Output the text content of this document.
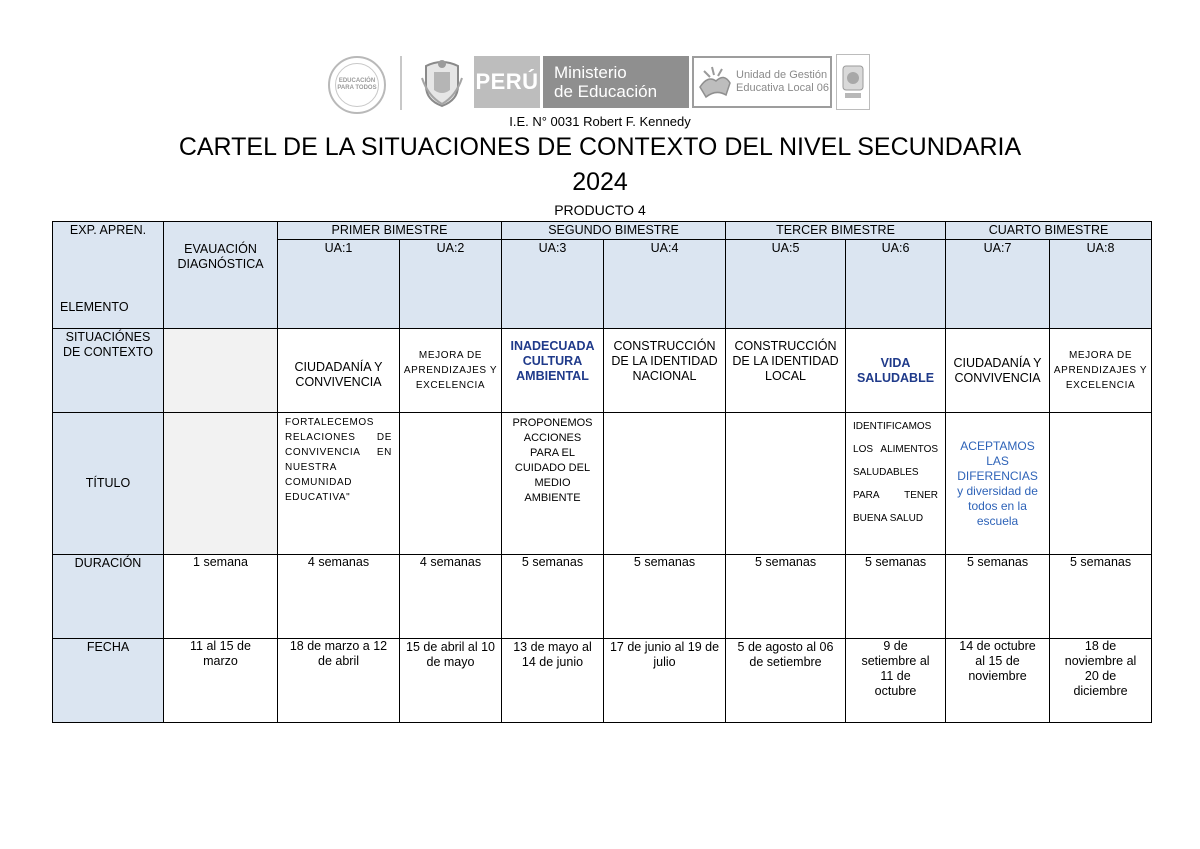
EDUCACIÓN PARA TODOS	PERÚ Ministerio
de Educación
Unidad de Gestión
Educativa Local 06
I.E. N° 0031 Robert F. Kennedy
CARTEL DE LA SITUACIONES DE CONTEXTO DEL NIVEL SECUNDARIA
2024
PRODUCTO 4
EXP. APREN.
ELEMENTO	EVAUACIÓN DIAGNÓSTICA	PRIMER BIMESTRE		SEGUNDO BIMESTRE		TERCER BIMESTRE		CUARTO BIMESTRE	
		UA:1	UA:2	UA:3	UA:4	UA:5	UA:6	UA:7	UA:8
SITUACIÓNES DE CONTEXTO		CIUDADANÍA Y CONVIVENCIA	MEJORA DE APRENDIZAJES Y EXCELENCIA	INADECUADA CULTURA AMBIENTAL	CONSTRUCCIÓN DE LA IDENTIDAD NACIONAL	CONSTRUCCIÓN DE LA IDENTIDAD LOCAL	VIDA SALUDABLE	CIUDADANÍA Y CONVIVENCIA	MEJORA DE APRENDIZAJES Y EXCELENCIA
TÍTULO		FORTALECEMOS RELACIONES DE CONVIVENCIA EN NUESTRA COMUNIDAD EDUCATIVA"		PROPONEMOS ACCIONES PARA EL CUIDADO DEL MEDIO AMBIENTE			IDENTIFICAMOS LOS ALIMENTOS SALUDABLES PARA TENER BUENA SALUD	ACEPTAMOS LAS DIFERENCIAS y diversidad de todos en la escuela	
DURACIÓN	1 semana	4 semanas	4 semanas	5 semanas	5 semanas	5 semanas	5 semanas	5 semanas	5 semanas
FECHA	11 al 15 de marzo	18 de marzo a 12 de abril	15 de abril al 10 de mayo	13 de mayo al 14 de junio	17 de junio al 19 de julio	5 de agosto al 06 de setiembre	9 de setiembre al 11 de octubre	14 de octubre al 15 de noviembre	18 de noviembre al 20 de diciembre
